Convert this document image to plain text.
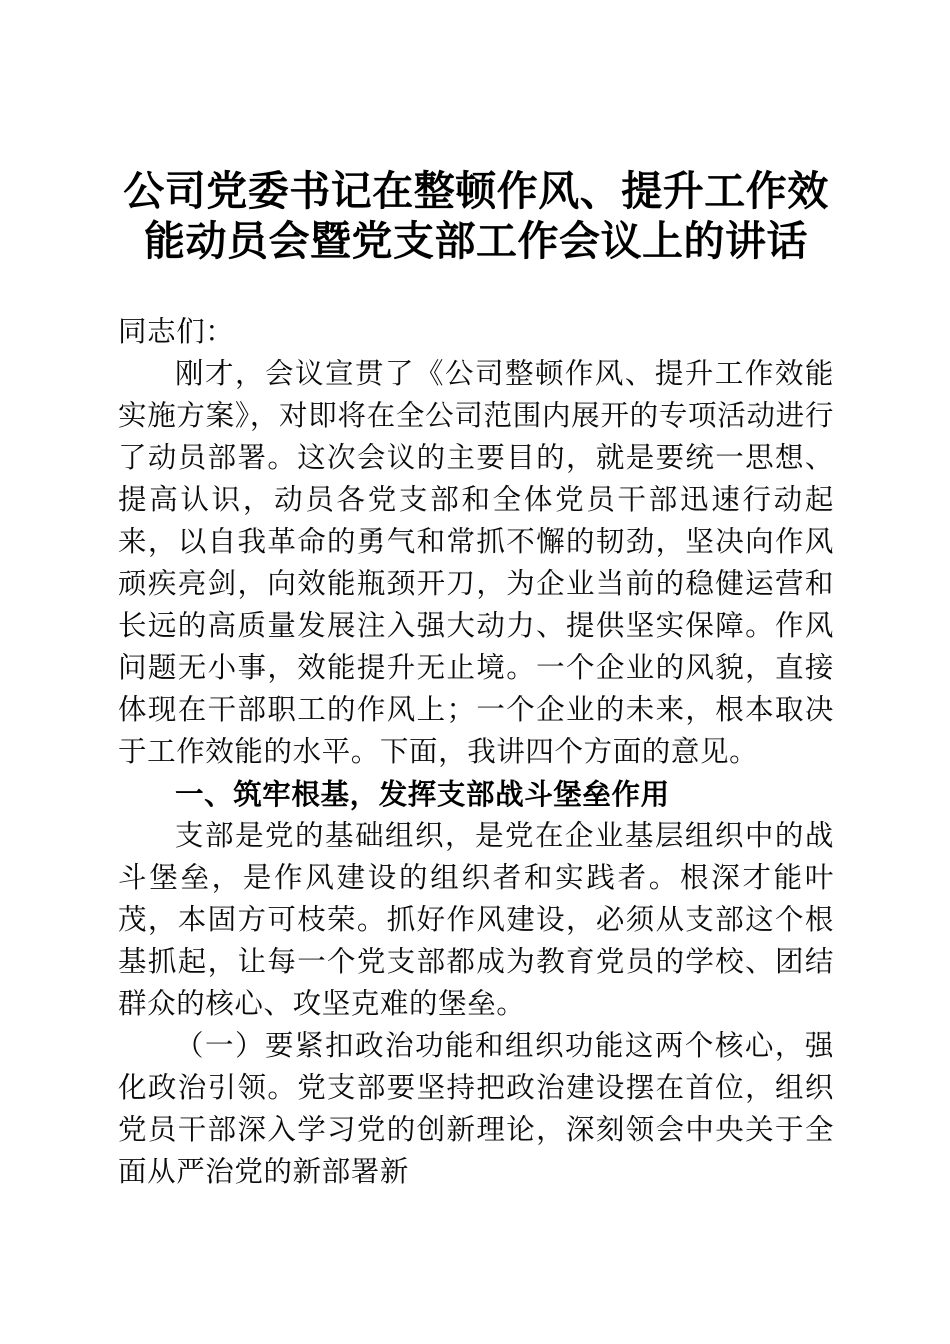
公司党委书记在整顿作风、提升工作效能动员会暨党支部工作会议上的讲话

同志们：

刚才，会议宣贯了《公司整顿作风、提升工作效能实施方案》，对即将在全公司范围内展开的专项活动进行了动员部署。这次会议的主要目的，就是要统一思想、提高认识，动员各党支部和全体党员干部迅速行动起来，以自我革命的勇气和常抓不懈的韧劲，坚决向作风顽疾亮剑，向效能瓶颈开刀，为企业当前的稳健运营和长远的高质量发展注入强大动力、提供坚实保障。作风问题无小事，效能提升无止境。一个企业的风貌，直接体现在干部职工的作风上；一个企业的未来，根本取决于工作效能的水平。下面，我讲四个方面的意见。

一、筑牢根基，发挥支部战斗堡垒作用

支部是党的基础组织，是党在企业基层组织中的战斗堡垒，是作风建设的组织者和实践者。根深才能叶茂，本固方可枝荣。抓好作风建设，必须从支部这个根基抓起，让每一个党支部都成为教育党员的学校、团结群众的核心、攻坚克难的堡垒。

（一）要紧扣政治功能和组织功能这两个核心，强化政治引领。党支部要坚持把政治建设摆在首位，组织党员干部深入学习党的创新理论，深刻领会中央关于全面从严治党的新部署新
